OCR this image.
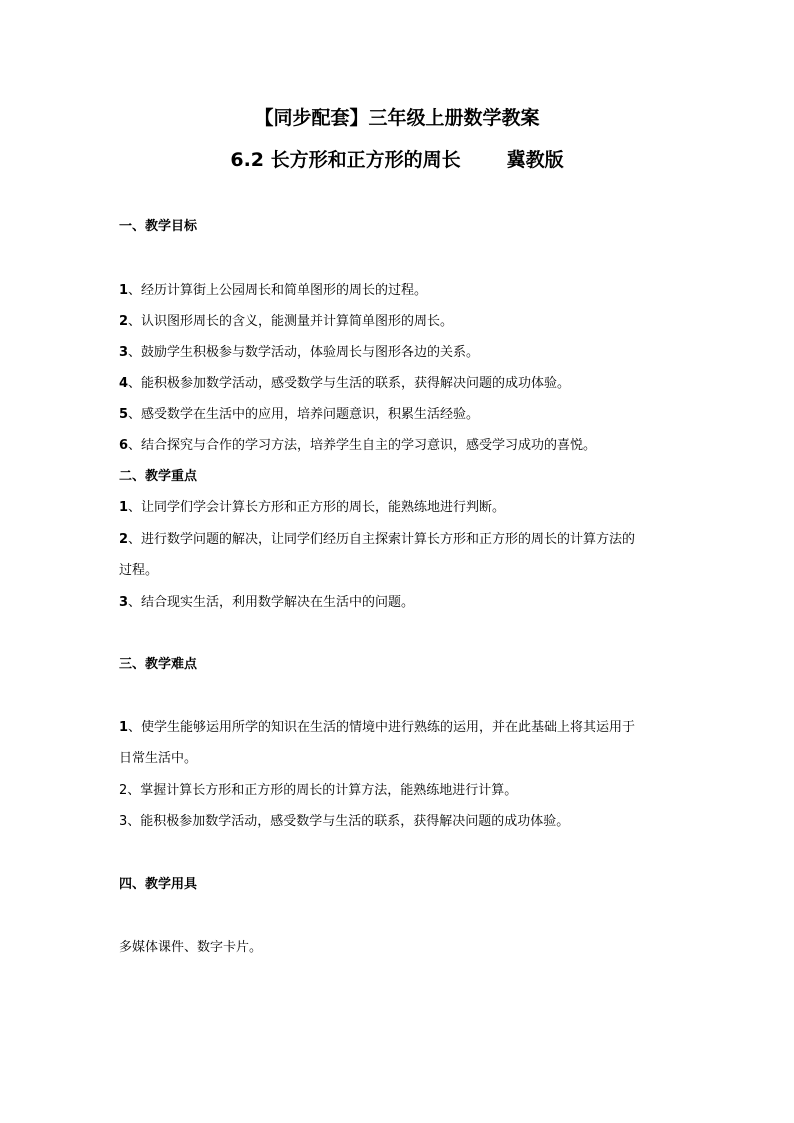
【同步配套】三年级上册数学教案
6.2 长方形和正方形的周长 冀教版
一、教学目标
1、经历计算街上公园周长和简单图形的周长的过程。
2、认识图形周长的含义，能测量并计算简单图形的周长。
3、鼓励学生积极参与数学活动，体验周长与图形各边的关系。
4、能积极参加数学活动，感受数学与生活的联系，获得解决问题的成功体验。
5、感受数学在生活中的应用，培养问题意识，积累生活经验。
6、结合探究与合作的学习方法，培养学生自主的学习意识，感受学习成功的喜悦。
二、教学重点
1、让同学们学会计算长方形和正方形的周长，能熟练地进行判断。
2、进行数学问题的解决，让同学们经历自主探索计算长方形和正方形的周长的计算方法的
过程。
3、结合现实生活，利用数学解决在生活中的问题。
三、教学难点
1、使学生能够运用所学的知识在生活的情境中进行熟练的运用，并在此基础上将其运用于
日常生活中。
2、掌握计算长方形和正方形的周长的计算方法，能熟练地进行计算。
3、能积极参加数学活动，感受数学与生活的联系，获得解决问题的成功体验。
四、教学用具
多媒体课件、数字卡片。
